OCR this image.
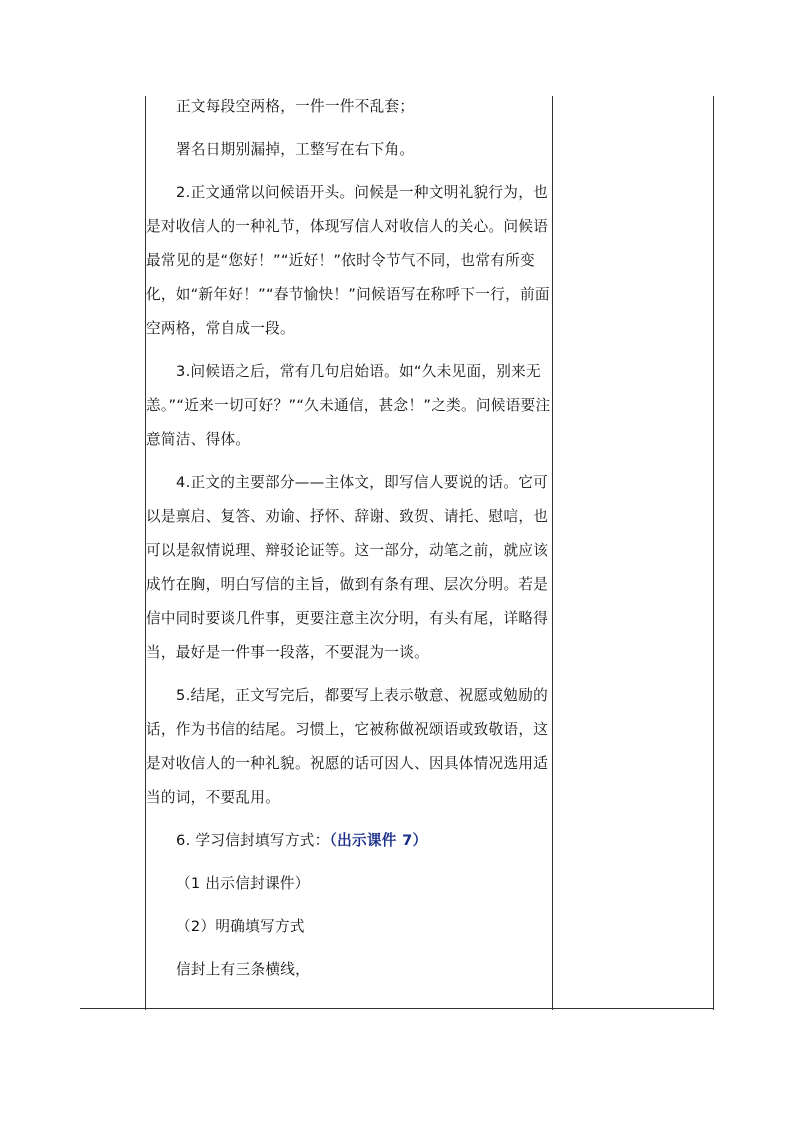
正文每段空两格，一件一件不乱套；

署名日期别漏掉，工整写在右下角。

2.正文通常以问候语开头。问候是一种文明礼貌行为，也是对收信人的一种礼节，体现写信人对收信人的关心。问候语最常见的是“您好！”“近好！”依时令节气不同，也常有所变化，如“新年好！”“春节愉快！”问候语写在称呼下一行，前面空两格，常自成一段。

3.问候语之后，常有几句启始语。如“久未见面，别来无恙。”“近来一切可好？”“久未通信，甚念！”之类。问候语要注意简洁、得体。

4.正文的主要部分——主体文，即写信人要说的话。它可以是禀启、复答、劝谕、抒怀、辞谢、致贺、请托、慰唁，也可以是叙情说理、辩驳论证等。这一部分，动笔之前，就应该成竹在胸，明白写信的主旨，做到有条有理、层次分明。若是信中同时要谈几件事，更要注意主次分明，有头有尾，详略得当，最好是一件事一段落，不要混为一谈。

5.结尾，正文写完后，都要写上表示敬意、祝愿或勉励的话，作为书信的结尾。习惯上，它被称做祝颂语或致敬语，这是对收信人的一种礼貌。祝愿的话可因人、因具体情况选用适当的词，不要乱用。

6. 学习信封填写方式：（出示课件 7）

（1 出示信封课件）

（2）明确填写方式

信封上有三条横线，
